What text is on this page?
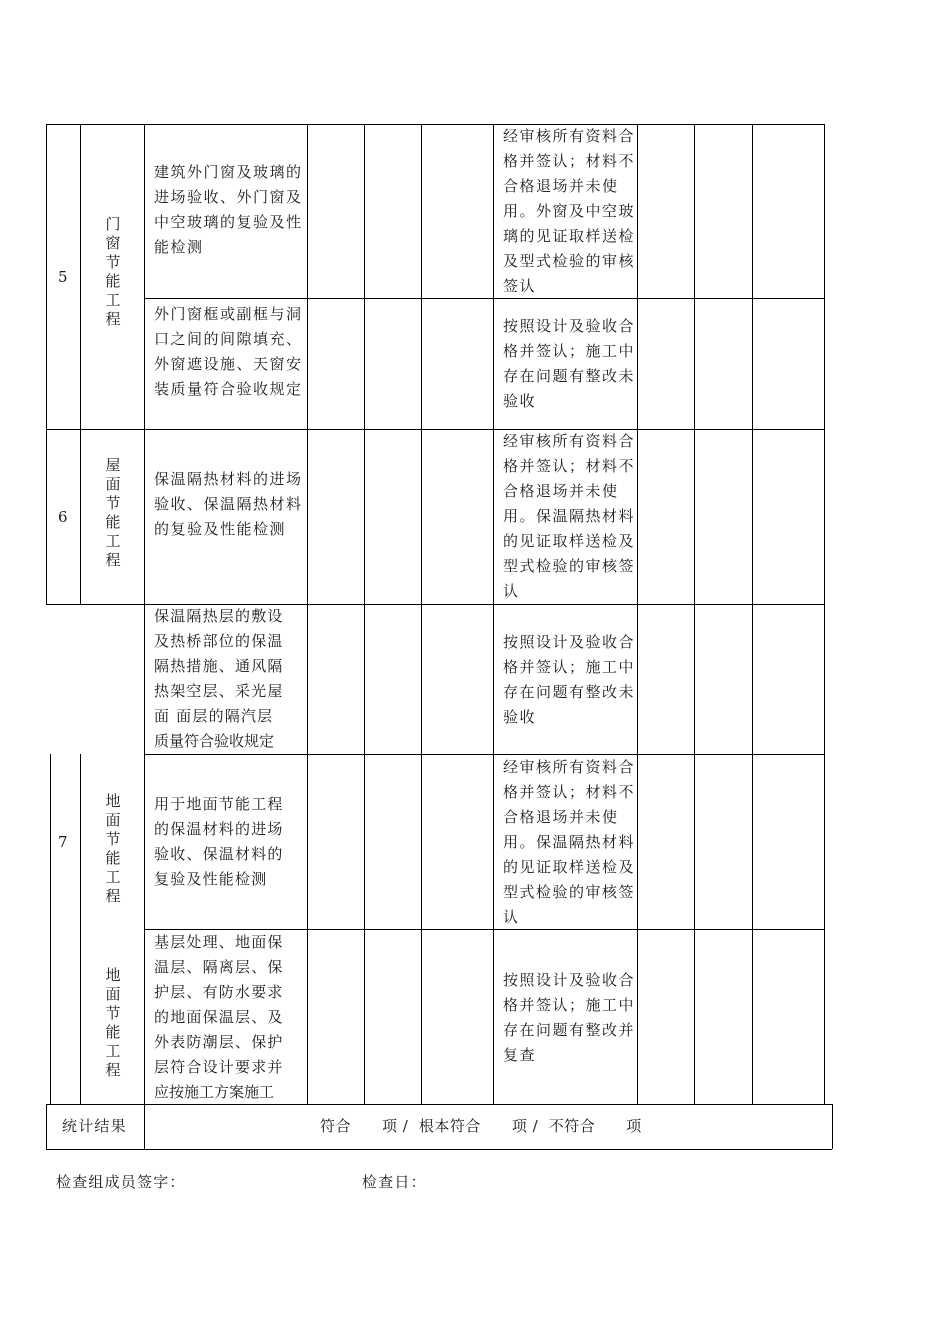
5
门
窗
节
能
工
程
建筑外门窗及玻璃的进场验收、外门窗及中空玻璃的复验及性能检测
经审核所有资料合格并签认；材料不合格退场并未使用。外窗及中空玻璃的见证取样送检及型式检验的审核签认
外门窗框或副框与洞口之间的间隙填充、外窗遮设施、天窗安装质量符合验收规定
按照设计及验收合格并签认；施工中存在问题有整改未验收
6
屋
面
节
能
工
程
保温隔热材料的进场验收、保温隔热材料的复验及性能检测
经审核所有资料合格并签认；材料不合格退场并未使用。保温隔热材料的见证取样送检及型式检验的审核签认
保温隔热层的敷设
及热桥部位的保温
隔热措施、通风隔
热架空层、采光屋
面 面层的隔汽层
质量符合验收规定
按照设计及验收合格并签认；施工中存在问题有整改未验收
7
地
面
节
能
工
程
用于地面节能工程
的保温材料的进场
验收、保温材料的
复验及性能检测
经审核所有资料合格并签认；材料不合格退场并未使用。保温隔热材料的见证取样送检及型式检验的审核签认
地
面
节
能
工
程
基层处理、地面保
温层、隔离层、保
护层、有防水要求
的地面保温层、及
外表防潮层、保护
层符合设计要求并
应按施工方案施工
按照设计及验收合格并签认；施工中存在问题有整改并复查
统计结果	符合　　项 /  根本符合　　项 /  不符合　　项
检查组成员签字：	检查日：
